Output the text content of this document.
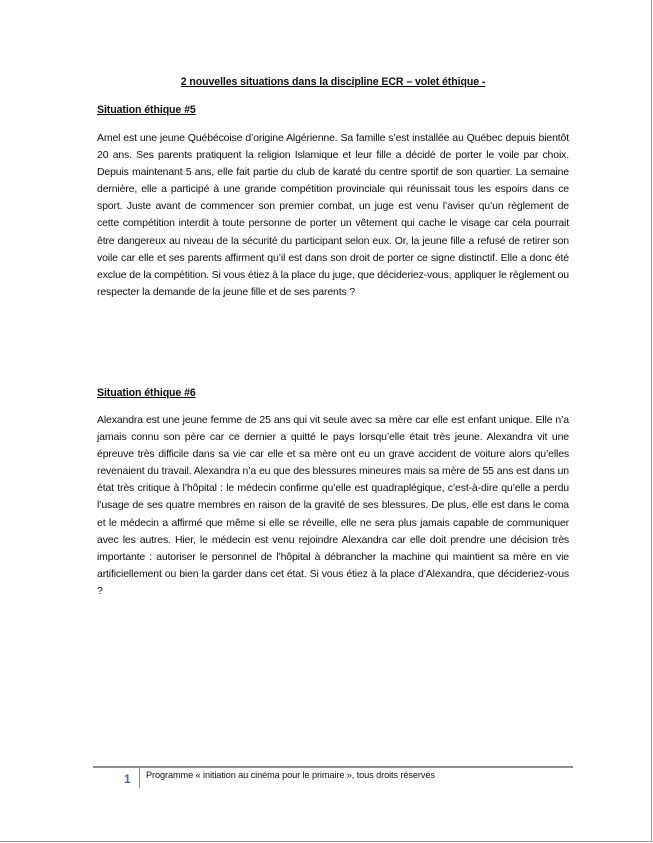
2 nouvelles situations dans la discipline ECR – volet éthique -
Situation éthique #5

Amel est une jeune Québécoise d’origine Algérienne. Sa famille s’est installée au Québec depuis bientôt 20 ans. Ses parents pratiquent la religion Islamique et leur fille a décidé de porter le voile par choix. Depuis maintenant 5 ans, elle fait partie du club de karaté du centre sportif de son quartier. La semaine dernière, elle a participé à une grande compétition provinciale qui réunissait tous les espoirs dans ce sport. Juste avant de commencer son premier combat, un juge est venu l’aviser qu’un règlement de cette compétition interdit à toute personne de porter un vêtement qui cache le visage car cela pourrait être dangereux au niveau de la sécurité du participant selon eux. Or, la jeune fille a refusé de retirer son voile car elle et ses parents affirment qu’il est dans son droit de porter ce signe distinctif. Elle a donc été exclue de la compétition. Si vous étiez à la place du juge, que décideriez-vous, appliquer le règlement ou respecter la demande de la jeune fille et de ses parents ?

Situation éthique #6

Alexandra est une jeune femme de 25 ans qui vit seule avec sa mère car elle est enfant unique. Elle n’a jamais connu son père car ce dernier a quitté le pays lorsqu’elle était très jeune. Alexandra vit une épreuve très difficile dans sa vie car elle et sa mère ont eu un grave accident de voiture alors qu’elles revenaient du travail. Alexandra n’a eu que des blessures mineures mais sa mère de 55 ans est dans un état très critique à l’hôpital : le médecin confirme qu’elle est quadraplégique, c’est-à-dire qu’elle a perdu l’usage de ses quatre membres en raison de la gravité de ses blessures. De plus, elle est dans le coma et le médecin a affirmé que même si elle se réveille, elle ne sera plus jamais capable de communiquer avec les autres. Hier, le médecin est venu rejoindre Alexandra car elle doit prendre une décision très importante : autoriser le personnel de l’hôpital à débrancher la machine qui maintient sa mère en vie artificiellement ou bien la garder dans cet état. Si vous étiez à la place d’Alexandra, que décideriez-vous ?

1 Programme « initiation au cinéma pour le primaire », tous droits réservés
